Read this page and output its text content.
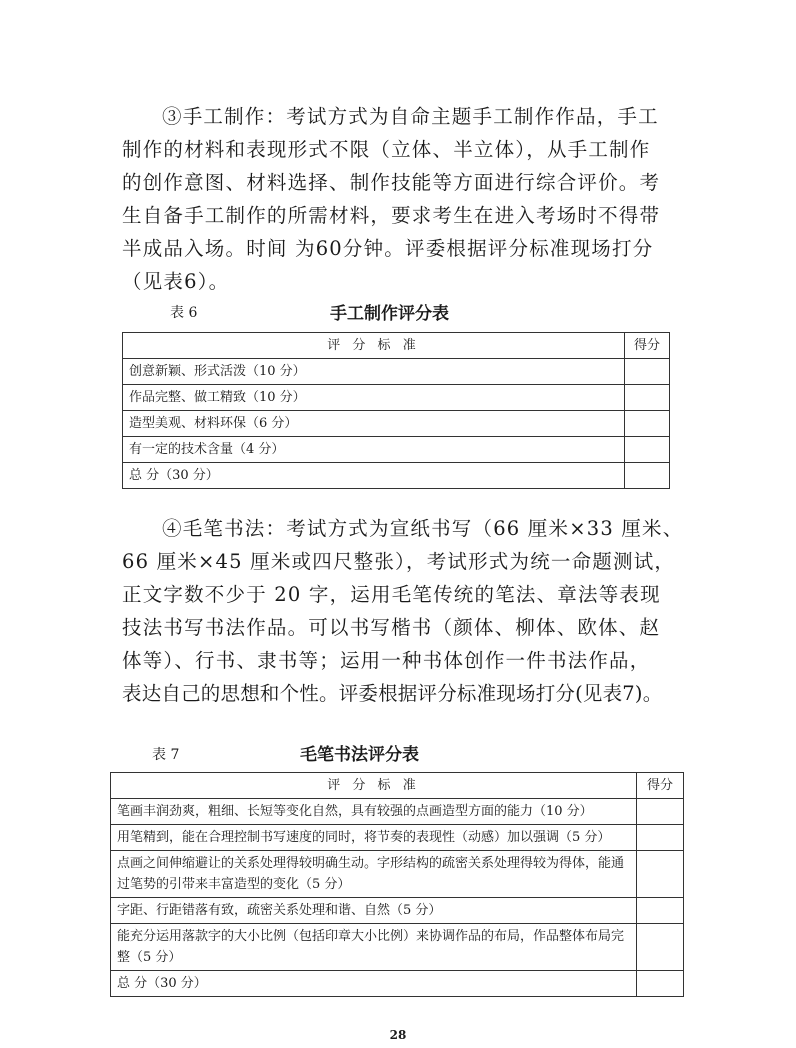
③手工制作：考试方式为自命主题手工制作作品，手工
制作的材料和表现形式不限（立体、半立体），从手工制作
的创作意图、材料选择、制作技能等方面进行综合评价。考
生自备手工制作的所需材料，要求考生在进入考场时不得带
半成品入场。时间 为60分钟。评委根据评分标准现场打分
（见表6）。
表 6	手工制作评分表
评 分 标 准	得分
创意新颖、形式活泼（10 分）	
作品完整、做工精致（10 分）	
造型美观、材料环保（6 分）	
有一定的技术含量（4 分）	
总 分（30 分）	
④毛笔书法：考试方式为宣纸书写（66 厘米×33 厘米、
66 厘米×45 厘米或四尺整张），考试形式为统一命题测试，
正文字数不少于 20 字，运用毛笔传统的笔法、章法等表现
技法书写书法作品。可以书写楷书（颜体、柳体、欧体、赵
体等）、行书、隶书等；运用一种书体创作一件书法作品，
表达自己的思想和个性。评委根据评分标准现场打分(见表7)。
表 7	毛笔书法评分表
评 分 标 准	得分
笔画丰润劲爽，粗细、长短等变化自然，具有较强的点画造型方面的能力（10 分）	
用笔精到，能在合理控制书写速度的同时，将节奏的表现性（动感）加以强调（5 分）	
点画之间伸缩避让的关系处理得较明确生动。字形结构的疏密关系处理得较为得体，能通过笔势的引带来丰富造型的变化（5 分）	
字距、行距错落有致，疏密关系处理和谐、自然（5 分）	
能充分运用落款字的大小比例（包括印章大小比例）来协调作品的布局，作品整体布局完整（5 分）	
总 分（30 分）	
28
